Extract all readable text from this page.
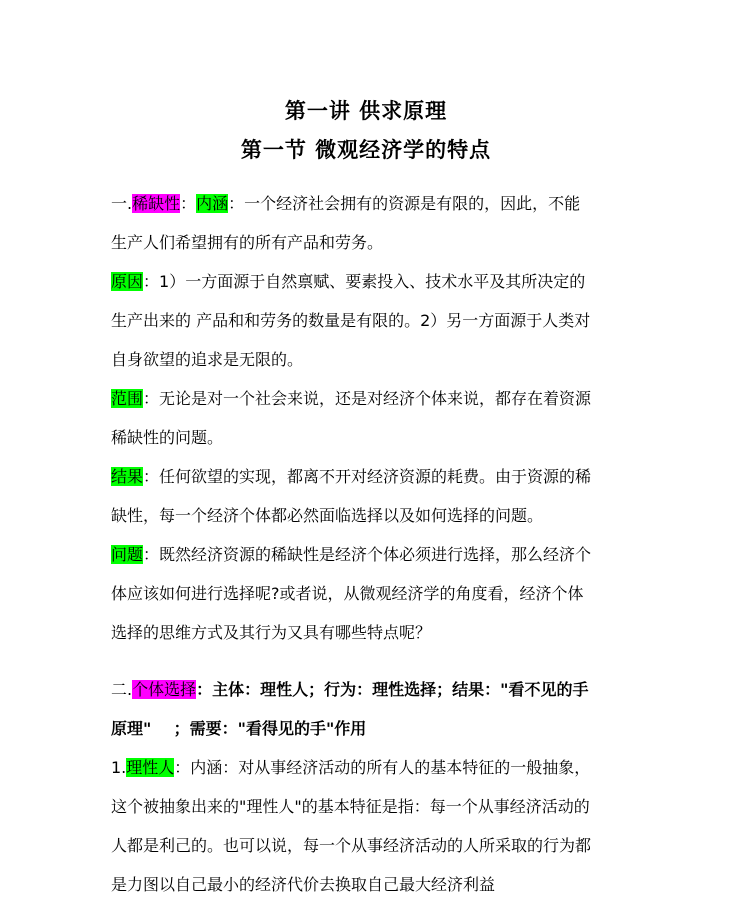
第一讲 供求原理
第一节 微观经济学的特点
一.稀缺性：内涵：一个经济社会拥有的资源是有限的，因此，不能
生产人们希望拥有的所有产品和劳务。
原因：1）一方面源于自然禀赋、要素投入、技术水平及其所决定的
生产出来的 产品和和劳务的数量是有限的。2）另一方面源于人类对
自身欲望的追求是无限的。
范围：无论是对一个社会来说，还是对经济个体来说，都存在着资源
稀缺性的问题。
结果：任何欲望的实现，都离不开对经济资源的耗费。由于资源的稀
缺性，每一个经济个体都必然面临选择以及如何选择的问题。
问题：既然经济资源的稀缺性是经济个体必须进行选择，那么经济个
体应该如何进行选择呢?或者说，从微观经济学的角度看，经济个体
选择的思维方式及其行为又具有哪些特点呢？
二.个体选择：主体：理性人；行为：理性选择；结果："看不见的手
原理"    ；需要："看得见的手"作用
1.理性人：内涵：对从事经济活动的所有人的基本特征的一般抽象，
这个被抽象出来的"理性人"的基本特征是指：每一个从事经济活动的
人都是利己的。也可以说，每一个从事经济活动的人所采取的行为都
是力图以自己最小的经济代价去换取自己最大经济利益
